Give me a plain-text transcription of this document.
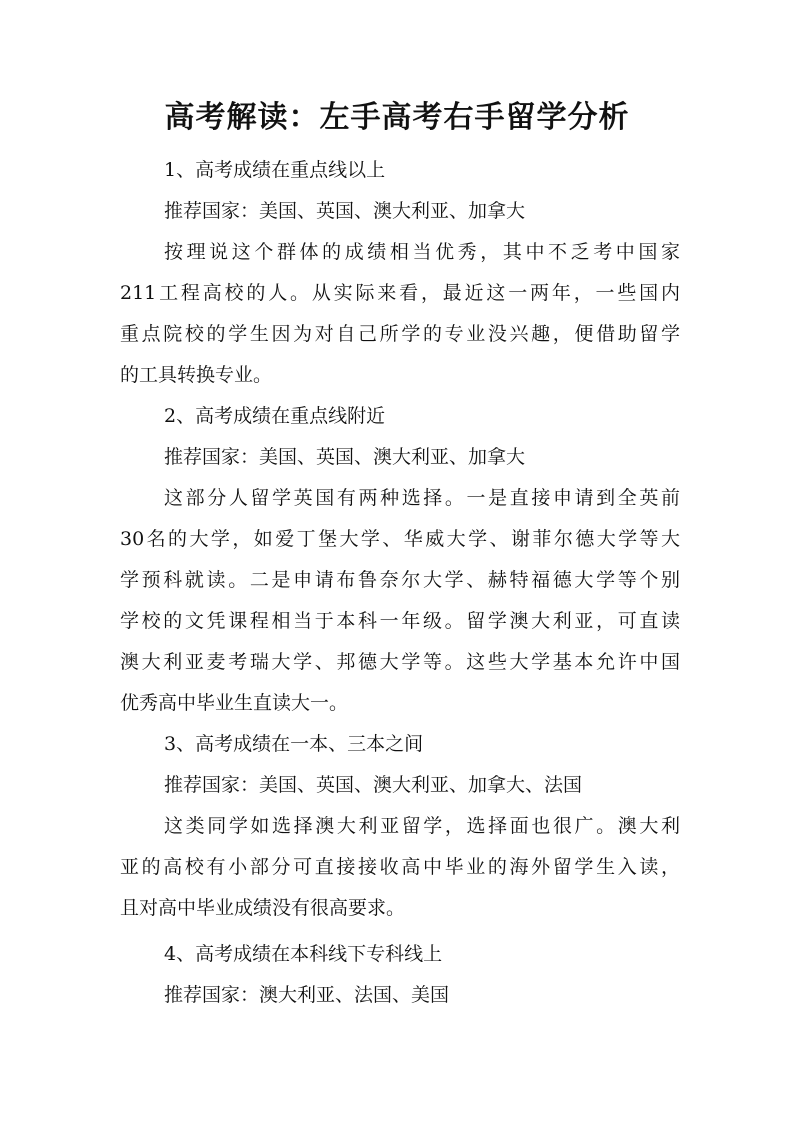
高考解读：左手高考右手留学分析
1、高考成绩在重点线以上
推荐国家：美国、英国、澳大利亚、加拿大
按理说这个群体的成绩相当优秀，其中不乏考中国家
211工程高校的人。从实际来看，最近这一两年，一些国内
重点院校的学生因为对自己所学的专业没兴趣，便借助留学
的工具转换专业。
2、高考成绩在重点线附近
推荐国家：美国、英国、澳大利亚、加拿大
这部分人留学英国有两种选择。一是直接申请到全英前
30名的大学，如爱丁堡大学、华威大学、谢菲尔德大学等大
学预科就读。二是申请布鲁奈尔大学、赫特福德大学等个别
学校的文凭课程相当于本科一年级。留学澳大利亚，可直读
澳大利亚麦考瑞大学、邦德大学等。这些大学基本允许中国
优秀高中毕业生直读大一。
3、高考成绩在一本、三本之间
推荐国家：美国、英国、澳大利亚、加拿大、法国
这类同学如选择澳大利亚留学，选择面也很广。澳大利
亚的高校有小部分可直接接收高中毕业的海外留学生入读，
且对高中毕业成绩没有很高要求。
4、高考成绩在本科线下专科线上
推荐国家：澳大利亚、法国、美国
